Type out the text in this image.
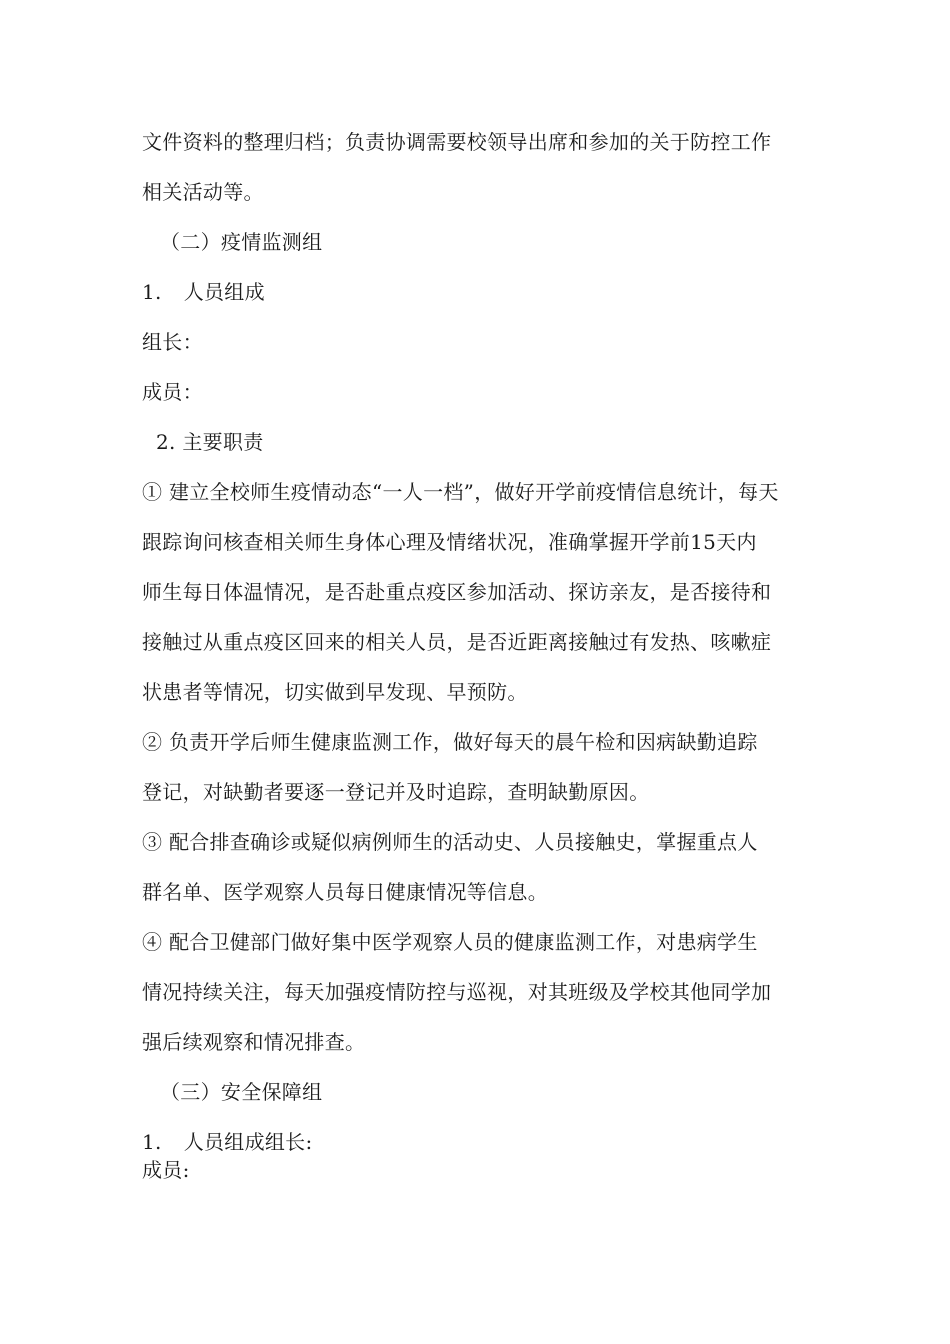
文件资料的整理归档；负责协调需要校领导出席和参加的关于防控工作
相关活动等。
（二）疫情监测组
1. 人员组成
组长：
成员：
2. 主要职责
① 建立全校师生疫情动态“一人一档”，做好开学前疫情信息统计，每天
跟踪询问核查相关师生身体心理及情绪状况，准确掌握开学前15天内
师生每日体温情况，是否赴重点疫区参加活动、探访亲友，是否接待和
接触过从重点疫区回来的相关人员，是否近距离接触过有发热、咳嗽症
状患者等情况，切实做到早发现、早预防。
② 负责开学后师生健康监测工作，做好每天的晨午检和因病缺勤追踪
登记，对缺勤者要逐一登记并及时追踪，查明缺勤原因。
③ 配合排查确诊或疑似病例师生的活动史、人员接触史，掌握重点人
群名单、医学观察人员每日健康情况等信息。
④ 配合卫健部门做好集中医学观察人员的健康监测工作，对患病学生
情况持续关注，每天加强疫情防控与巡视，对其班级及学校其他同学加
强后续观察和情况排查。
（三）安全保障组
1. 人员组成组长:
成员:
